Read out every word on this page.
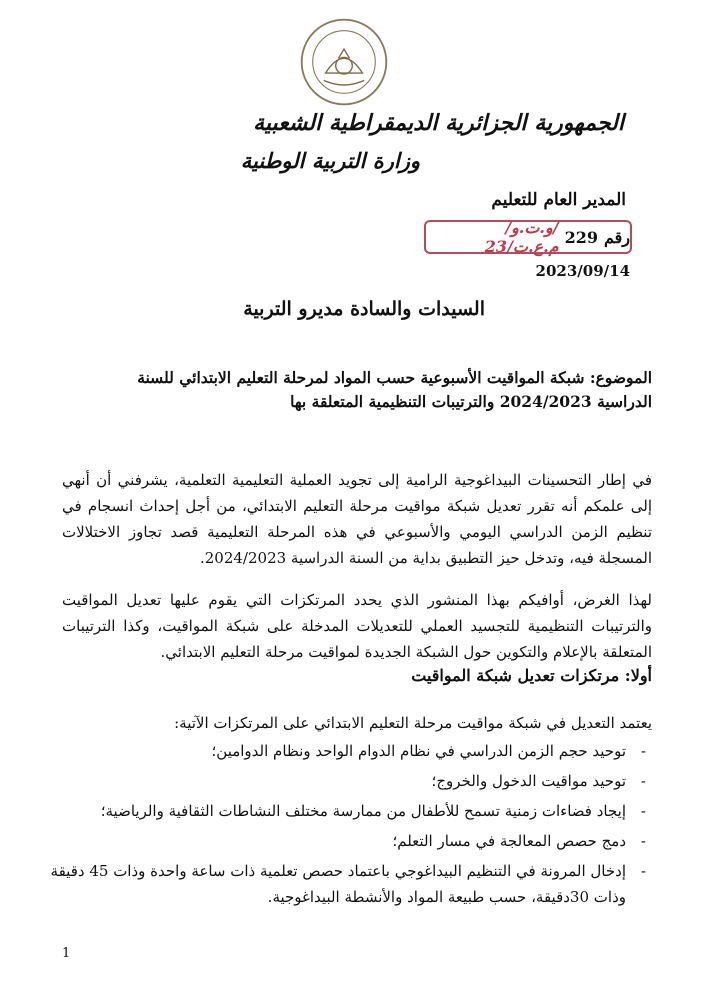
الجمهورية الجزائرية الديمقراطية الشعبية
وزارة التربية الوطنية
المدير العام للتعليم
رقم
229
/و.ت.و/ م.ع.ت/23
2023/09/14
السيدات والسادة مديرو التربية
الموضوع: شبكة المواقيت الأسبوعية حسب المواد لمرحلة التعليم الابتدائي للسنة الدراسية 2024/2023 والترتيبات التنظيمية المتعلقة بها

في إطار التحسينات البيداغوجية الرامية إلى تجويد العملية التعليمية التعلمية، يشرفني أن أنهي إلى علمكم أنه تقرر تعديل شبكة مواقيت مرحلة التعليم الابتدائي، من أجل إحداث انسجام في تنظيم الزمن الدراسي اليومي والأسبوعي في هذه المرحلة التعليمية قصد تجاوز الاختلالات المسجلة فيه، وتدخل حيز التطبيق بداية من السنة الدراسية 2024/2023.

لهذا الغرض، أوافيكم بهذا المنشور الذي يحدد المرتكزات التي يقوم عليها تعديل المواقيت والترتيبات التنظيمية للتجسيد العملي للتعديلات المدخلة على شبكة المواقيت، وكذا الترتيبات المتعلقة بالإعلام والتكوين حول الشبكة الجديدة لمواقيت مرحلة التعليم الابتدائي.

أولا: مرتكزات تعديل شبكة المواقيت
يعتمد التعديل في شبكة مواقيت مرحلة التعليم الابتدائي على المرتكزات الآتية:
- توحيد حجم الزمن الدراسي في نظام الدوام الواحد ونظام الدوامين؛
- توحيد مواقيت الدخول والخروج؛
- إيجاد فضاءات زمنية تسمح للأطفال من ممارسة مختلف النشاطات الثقافية والرياضية؛
- دمج حصص المعالجة في مسار التعلم؛
- إدخال المرونة في التنظيم البيداغوجي باعتماد حصص تعلمية ذات ساعة واحدة وذات 45 دقيقة وذات 30دقيقة، حسب طبيعة المواد والأنشطة البيداغوجية.
1
